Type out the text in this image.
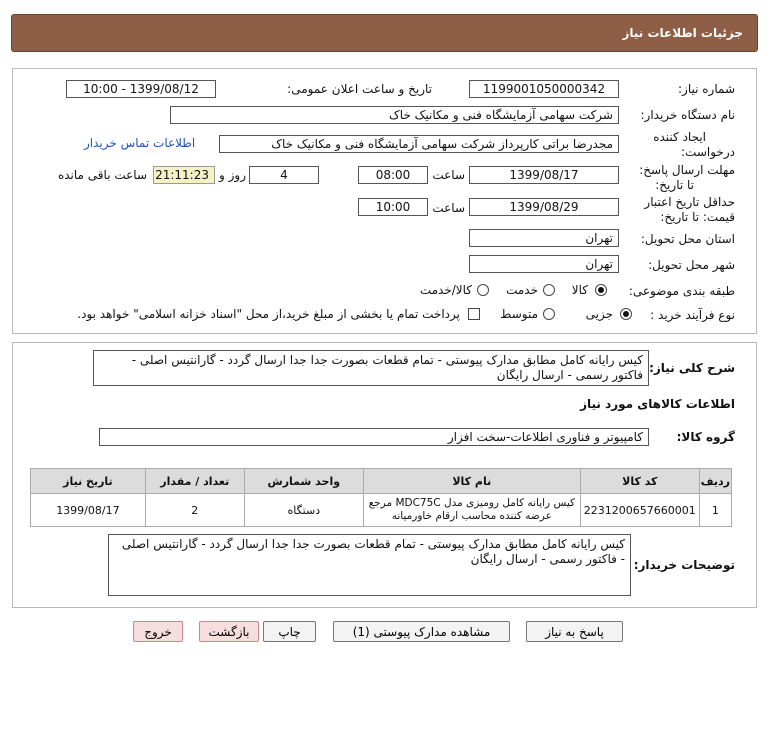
جزئیات اطلاعات نیاز
شماره نیاز:
1199001050000342
تاریخ و ساعت اعلان عمومی:
1399/08/12 - 10:00
نام دستگاه خریدار:
شرکت سهامی آزمایشگاه فنی و مکانیک خاک
ایجاد کننده
درخواست:
مجدرضا براتی کارپرداز شرکت سهامی آزمایشگاه فنی و مکانیک خاک
اطلاعات تماس خریدار
مهلت ارسال پاسخ:
تا تاریخ:
1399/08/17
ساعت
08:00
4
روز و
21:11:23
ساعت باقی مانده
حداقل تاریخ اعتبار
قیمت: تا تاریخ:
1399/08/29
ساعت
10:00
استان محل تحویل:
تهران
شهر محل تحویل:
تهران
طبقه بندی موضوعی:
کالا
خدمت
کالا/خدمت
نوع فرآیند خرید :
جزیی
متوسط
پرداخت تمام یا بخشی از مبلغ خرید،از محل "اسناد خزانه اسلامی" خواهد بود.
شرح کلی نیاز:
کیس رایانه کامل مطابق مدارک پیوستی - تمام قطعات بصورت جدا جدا ارسال گردد - گارانتیس اصلی - فاکتور رسمی - ارسال رایگان
اطلاعات کالاهای مورد نیاز
گروه کالا:
کامپیوتر و فناوری اطلاعات-سخت افزار
ردیف	کد کالا	نام کالا	واحد شمارش	تعداد / مقدار	تاریخ نیاز
1	2231200657660001	کیس رایانه کامل رومیزی مدل MDC75C مرجع عرضه کننده محاسب ارقام خاورمیانه	دستگاه	2	1399/08/17
توضیحات خریدار:
کیس رایانه کامل مطابق مدارک پیوستی - تمام قطعات بصورت جدا جدا ارسال گردد - گارانتیس اصلی - فاکتور رسمی - ارسال رایگان
پاسخ به نیاز
مشاهده مدارک پیوستی (1)
چاپ
بازگشت
خروج
